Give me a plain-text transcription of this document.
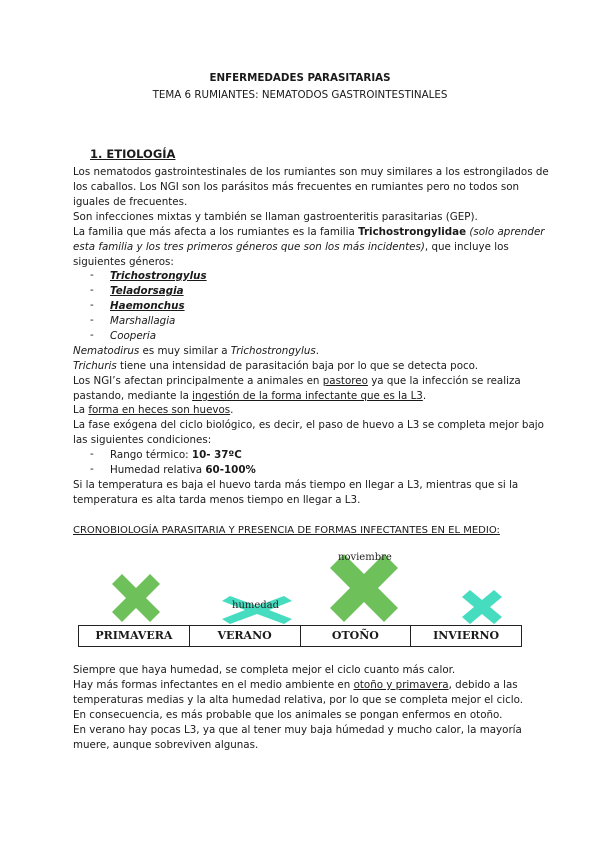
ENFERMEDADES PARASITARIAS
TEMA 6 RUMIANTES: NEMATODOS GASTROINTESTINALES
1. ETIOLOGÍA
Los nematodos gastrointestinales de los rumiantes son muy similares a los estrongilados de
los caballos. Los NGI son los parásitos más frecuentes en rumiantes pero no todos son
iguales de frecuentes.
Son infecciones mixtas y también se llaman gastroenteritis parasitarias (GEP).
La familia que más afecta a los rumiantes es la familia Trichostrongylidae (solo aprender
esta familia y los tres primeros géneros que son los más incidentes), que incluye los
siguientes géneros:
- Trichostrongylus
- Teladorsagia
- Haemonchus
- Marshallagia
- Cooperia
Nematodirus es muy similar a Trichostrongylus.
Trichuris tiene una intensidad de parasitación baja por lo que se detecta poco.
Los NGI’s afectan principalmente a animales en pastoreo ya que la infección se realiza
pastando, mediante la ingestión de la forma infectante que es la L3.
La forma en heces son huevos.
La fase exógena del ciclo biológico, es decir, el paso de huevo a L3 se completa mejor bajo
las siguientes condiciones:
- Rango térmico: 10- 37ºC
- Humedad relativa 60-100%
Si la temperatura es baja el huevo tarda más tiempo en llegar a L3, mientras que si la
temperatura es alta tarda menos tiempo en llegar a L3.
CRONOBIOLOGÍA PARASITARIA Y PRESENCIA DE FORMAS INFECTANTES EN EL MEDIO:
humedad
noviembre
PRIMAVERA	VERANO	OTOÑO	INVIERNO
Siempre que haya humedad, se completa mejor el ciclo cuanto más calor.
Hay más formas infectantes en el medio ambiente en otoño y primavera, debido a las
temperaturas medias y la alta humedad relativa, por lo que se completa mejor el ciclo.
En consecuencia, es más probable que los animales se pongan enfermos en otoño.
En verano hay pocas L3, ya que al tener muy baja húmedad y mucho calor, la mayoría
muere, aunque sobreviven algunas.
